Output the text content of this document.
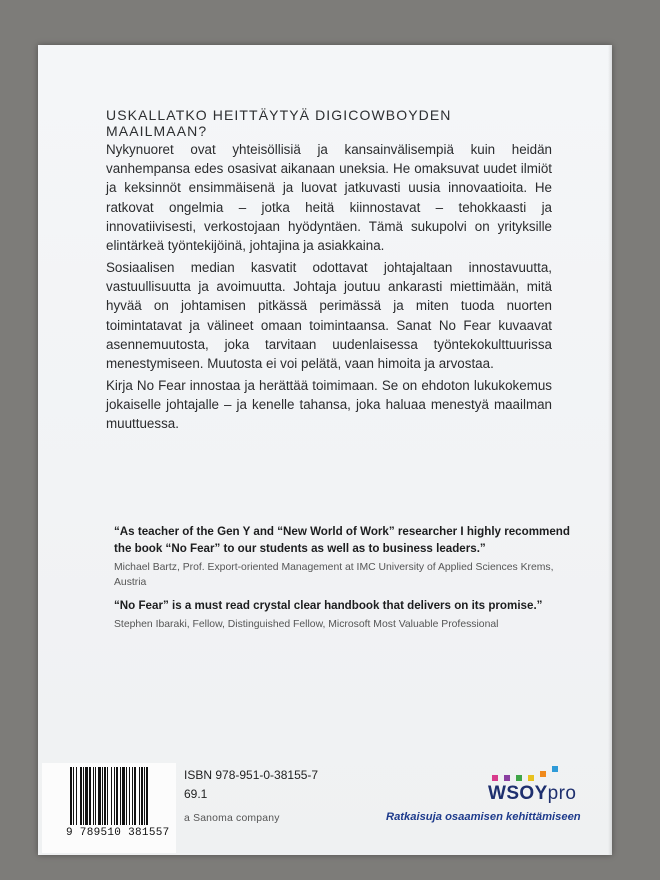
USKALLATKO HEITTÄYTYÄ DIGICOWBOYDEN MAAILMAAN?

Nykynuoret ovat yhteisöllisiä ja kansainvälisempiä kuin heidän vanhempansa edes osasivat aikanaan uneksia. He omaksuvat uudet ilmiöt ja keksinnöt ensimmäisenä ja luovat jatkuvasti uusia innovaatioita. He ratkovat ongelmia – jotka heitä kiinnostavat – tehokkaasti ja innovatiivisesti, verkostojaan hyödyntäen. Tämä sukupolvi on yrityksille elintärkeä työntekijöinä, johtajina ja asiakkaina.

Sosiaalisen median kasvatit odottavat johtajaltaan innostavuutta, vastuullisuutta ja avoimuutta. Johtaja joutuu ankarasti miettimään, mitä hyvää on johtamisen pitkässä perimässä ja miten tuoda nuorten toimintatavat ja välineet omaan toimintaansa. Sanat No Fear kuvaavat asennemuutosta, joka tarvitaan uudenlaisessa työntekokulttuurissa menestymiseen. Muutosta ei voi pelätä, vaan himoita ja arvostaa.

Kirja No Fear innostaa ja herättää toimimaan. Se on ehdoton lukukokemus jokaiselle johtajalle – ja kenelle tahansa, joka haluaa menestyä maailman muuttuessa.

“As teacher of the Gen Y and “New World of Work” researcher I highly recommend the book “No Fear” to our students as well as to business leaders.”

Michael Bartz, Prof. Export-oriented Management at IMC University of Applied Sciences Krems, Austria

“No Fear” is a must read crystal clear handbook that delivers on its promise.”

Stephen Ibaraki, Fellow, Distinguished Fellow, Microsoft Most Valuable Professional

9 789510 381557
ISBN 978-951-0-38155-7
69.1
a Sanoma company
WSOYpro
Ratkaisuja osaamisen kehittämiseen
